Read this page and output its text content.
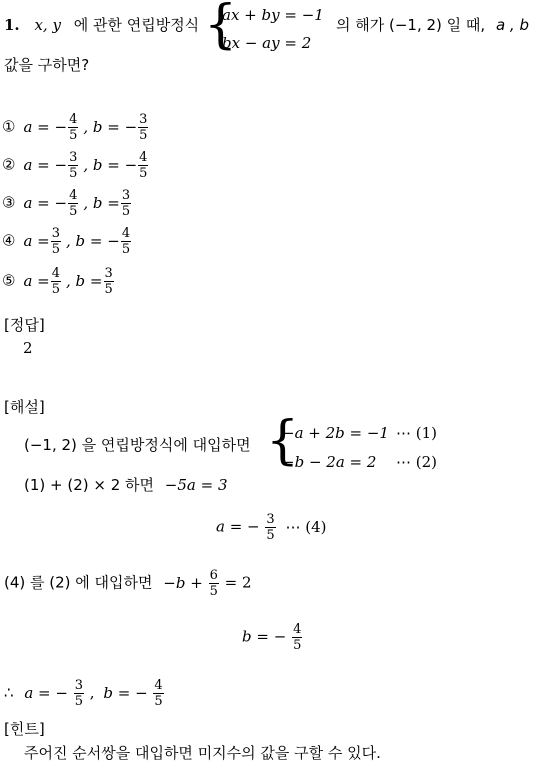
1. x, y 에 관한 연립방정식 {
ax + by = −1
bx − ay = 2
의 해가 (−1, 2) 일 때, a , b
값을 구하면?
① a = − $\frac{4}{5}$ , b = − $\frac{3}{5}$
② a = − $\frac{3}{5}$ , b = − $\frac{4}{5}$
③ a = − $\frac{4}{5}$ , $b = \frac{3}{5}$
④ $a = \frac{3}{5}$ , b = − $\frac{4}{5}$
⑤ $a = \frac{4}{5}$ , $b = \frac{3}{5}$
[정답]
2
[해설]
(−1, 2) 을 연립방정식에 대입하면 {
−a + 2b = −1 ⋯ (1)
−b − 2a = 2 ⋯ (2)
(1) + (2) × 2 하면 −5a = 3
a = − $\frac{3}{5}$ ⋯ (4)
(4) 를 (2) 에 대입하면 $-b + \frac{6}{5} = 2$
b = − $\frac{4}{5}$
∴ a = − $\frac{3}{5}$ , b = − $\frac{4}{5}$
[힌트]
주어진 순서쌍을 대입하면 미지수의 값을 구할 수 있다.
